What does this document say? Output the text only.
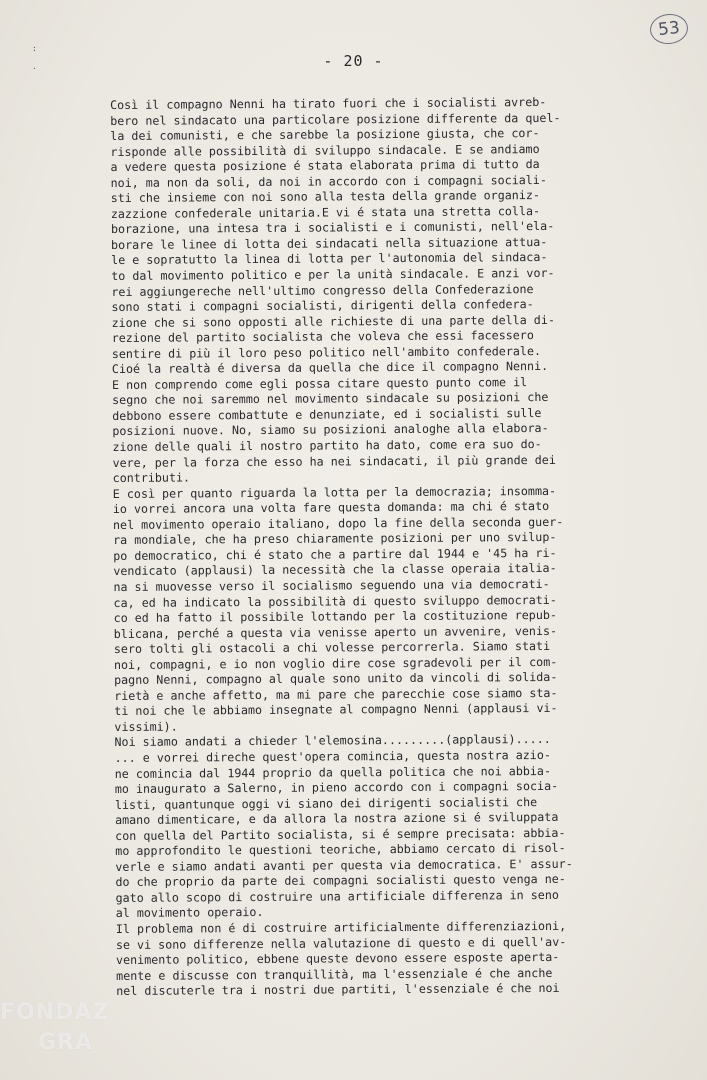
53
:
·	- 20 -
Così il compagno Nenni ha tirato fuori che i socialisti avreb-
bero nel sindacato una particolare posizione differente da quel-
la dei comunisti, e che sarebbe la posizione giusta, che cor-
risponde alle possibilità di sviluppo sindacale. E se andiamo
a vedere questa posizione é stata elaborata prima di tutto da
noi, ma non da soli, da noi in accordo con i compagni sociali-
sti che insieme con noi sono alla testa della grande organiz-
zazzione confederale unitaria.E vi é stata una stretta colla-
borazione, una intesa tra i socialisti e i comunisti, nell'ela-
borare le linee di lotta dei sindacati nella situazione attua-
le e sopratutto la linea di lotta per l'autonomia del sindaca-
to dal movimento politico e per la unità sindacale. E anzi vor-
rei aggiungereche nell'ultimo congresso della Confederazione
sono stati i compagni socialisti, dirigenti della confedera-
zione che si sono opposti alle richieste di una parte della di-
rezione del partito socialista che voleva che essi facessero
sentire di più il loro peso politico nell'ambito confederale.
Cioé la realtà é diversa da quella che dice il compagno Nenni.
E non comprendo come egli possa citare questo punto come il
segno che noi saremmo nel movimento sindacale su posizioni che
debbono essere combattute e denunziate, ed i socialisti sulle
posizioni nuove. No, siamo su posizioni analoghe alla elabora-
zione delle quali il nostro partito ha dato, come era suo do-
vere, per la forza che esso ha nei sindacati, il più grande dei
contributi.
E così per quanto riguarda la lotta per la democrazia; insomma-
io vorrei ancora una volta fare questa domanda: ma chi é stato
nel movimento operaio italiano, dopo la fine della seconda guer-
ra mondiale, che ha preso chiaramente posizioni per uno svilup-
po democratico, chi é stato che a partire dal 1944 e '45 ha ri-
vendicato (applausi) la necessità che la classe operaia italia-
na si muovesse verso il socialismo seguendo una via democrati-
ca, ed ha indicato la possibilità di questo sviluppo democrati-
co ed ha fatto il possibile lottando per la costituzione repub-
blicana, perché a questa via venisse aperto un avvenire, venis-
sero tolti gli ostacoli a chi volesse percorrerla. Siamo stati
noi, compagni, e io non voglio dire cose sgradevoli per il com-
pagno Nenni, compagno al quale sono unito da vincoli di solida-
rietà e anche affetto, ma mi pare che parecchie cose siamo sta-
ti noi che le abbiamo insegnate al compagno Nenni (applausi vi-
vissimi).
Noi siamo andati a chieder l'elemosina.........(applausi).....
... e vorrei direche quest'opera comincia, questa nostra azio-
ne comincia dal 1944 proprio da quella politica che noi abbia-
mo inaugurato a Salerno, in pieno accordo con i compagni socia-
listi, quantunque oggi vi siano dei dirigenti socialisti che
amano dimenticare, e da allora la nostra azione si é sviluppata
con quella del Partito socialista, si é sempre precisata: abbia-
mo approfondito le questioni teoriche, abbiamo cercato di risol-
verle e siamo andati avanti per questa via democratica. E' assur-
do che proprio da parte dei compagni socialisti questo venga ne-
gato allo scopo di costruire una artificiale differenza in seno
al movimento operaio.
Il problema non é di costruire artificialmente differenziazioni,
se vi sono differenze nella valutazione di questo e di quell'av-
venimento politico, ebbene queste devono essere esposte aperta-
mente e discusse con tranquillità, ma l'essenziale é che anche
nel discuterle tra i nostri due partiti, l'essenziale é che noi
FONDAZ
GRA
